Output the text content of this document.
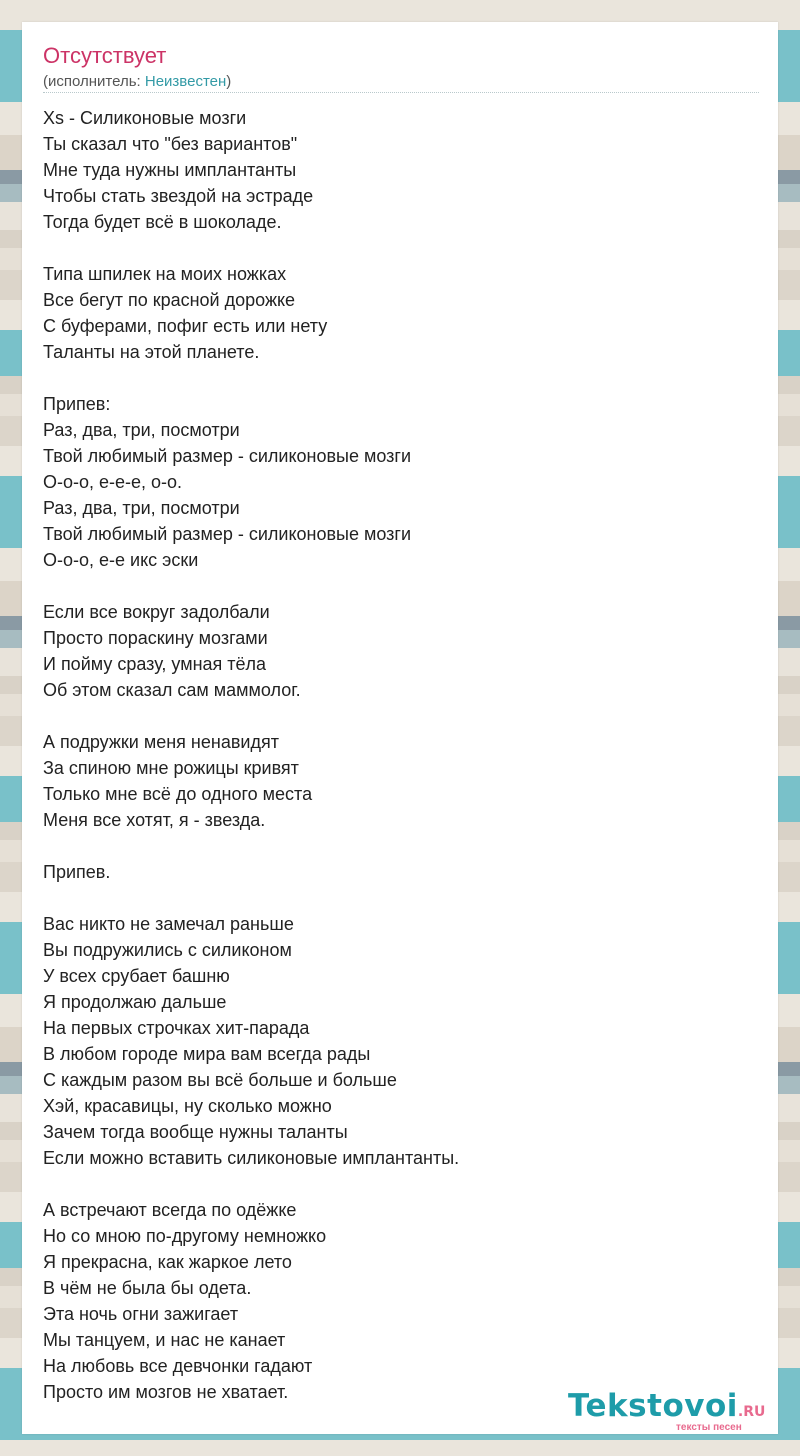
Отсутствует
(исполнитель: Неизвестен)
Xs - Силиконовые мозги
Ты сказал что "без вариантов"
Мне туда нужны имплантанты
Чтобы стать звездой на эстраде
Тогда будет всё в шоколаде.
Типа шпилек на моих ножках
Все бегут по красной дорожке
С буферами, пофиг есть или нету
Таланты на этой планете.
Припев:
Раз, два, три, посмотри
Твой любимый размер - силиконовые мозги
О-о-о, е-е-е, о-о.
Раз, два, три, посмотри
Твой любимый размер - силиконовые мозги
О-о-о, е-е икс эски
Если все вокруг задолбали
Просто пораскину мозгами
И пойму сразу, умная тёла
Об этом сказал сам маммолог.
А подружки меня ненавидят
За спиною мне рожицы кривят
Только мне всё до одного места
Меня все хотят, я - звезда.
Припев.
Вас никто не замечал раньше
Вы подружились с силиконом
У всех срубает башню
Я продолжаю дальше
На первых строчках хит-парада
В любом городе мира вам всегда рады
С каждым разом вы всё больше и больше
Хэй, красавицы, ну сколько можно
Зачем тогда вообще нужны таланты
Если можно вставить силиконовые имплантанты.
А встречают всегда по одёжке
Но со мною по-другому немножко
Я прекрасна, как жаркое лето
В чём не была бы одета.
Эта ночь огни зажигает
Мы танцуем, и нас не канает
На любовь все девчонки гадают
Просто им мозгов не хватает.	Tekstovoi.RU
тексты песен
